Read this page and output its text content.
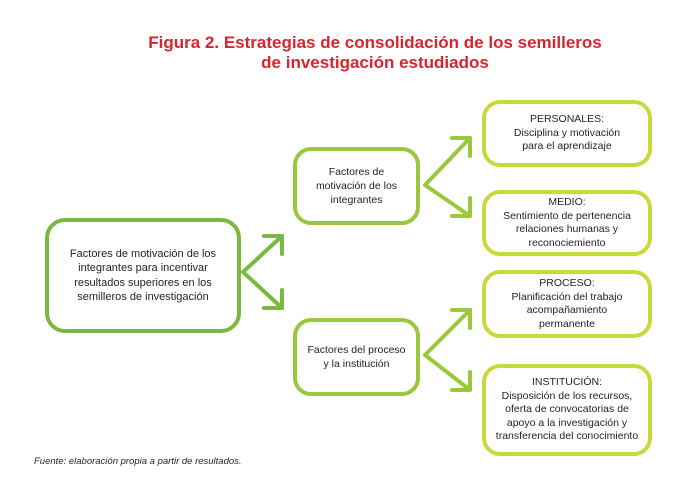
Figura 2. Estrategias de consolidación de los semilleros
de investigación estudiados
Factores de motivación de los
integrantes para incentivar
resultados superiores en los
semilleros de investigación
Factores de
motivación de los
integrantes
Factores del proceso
y la institución
PERSONALES:
Disciplina y motivación
para el aprendizaje
MEDIO:
Sentimiento de pertenencia
relaciones humanas y
reconociemiento
PROCESO:
Planificación del trabajo
acompañamiento
permanente
INSTITUCIÓN:
Disposición de los recursos,
oferta de convocatorias de
apoyo a la investigación y
transferencia del conocimiento
Fuente: elaboración propia a partir de resultados.
